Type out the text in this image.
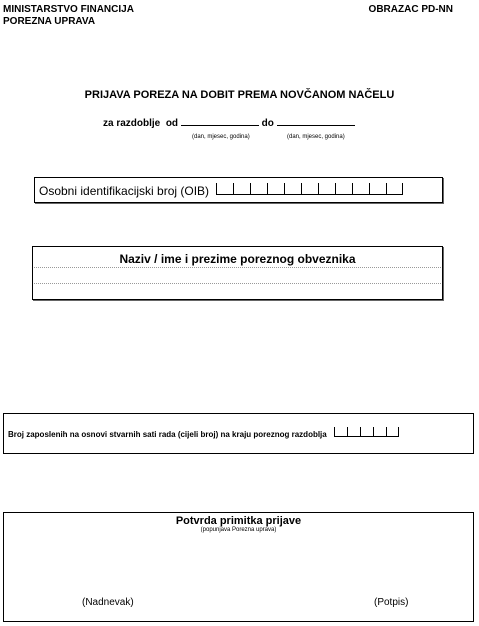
MINISTARSTVO FINANCIJA
POREZNA UPRAVA
OBRAZAC PD-NN
PRIJAVA POREZA NA DOBIT PREMA NOVČANOM NAČELU
za razdoblje od	do
(dan, mjesec, godina)	(dan, mjesec, godina)
Osobni identifikacijski broj (OIB)
Naziv / ime i prezime poreznog obveznika
Broj zaposlenih na osnovi stvarnih sati rada (cijeli broj) na kraju poreznog razdoblja
Potvrda primitka prijave
(popunjava Porezna uprava)
(Nadnevak)	(Potpis)
